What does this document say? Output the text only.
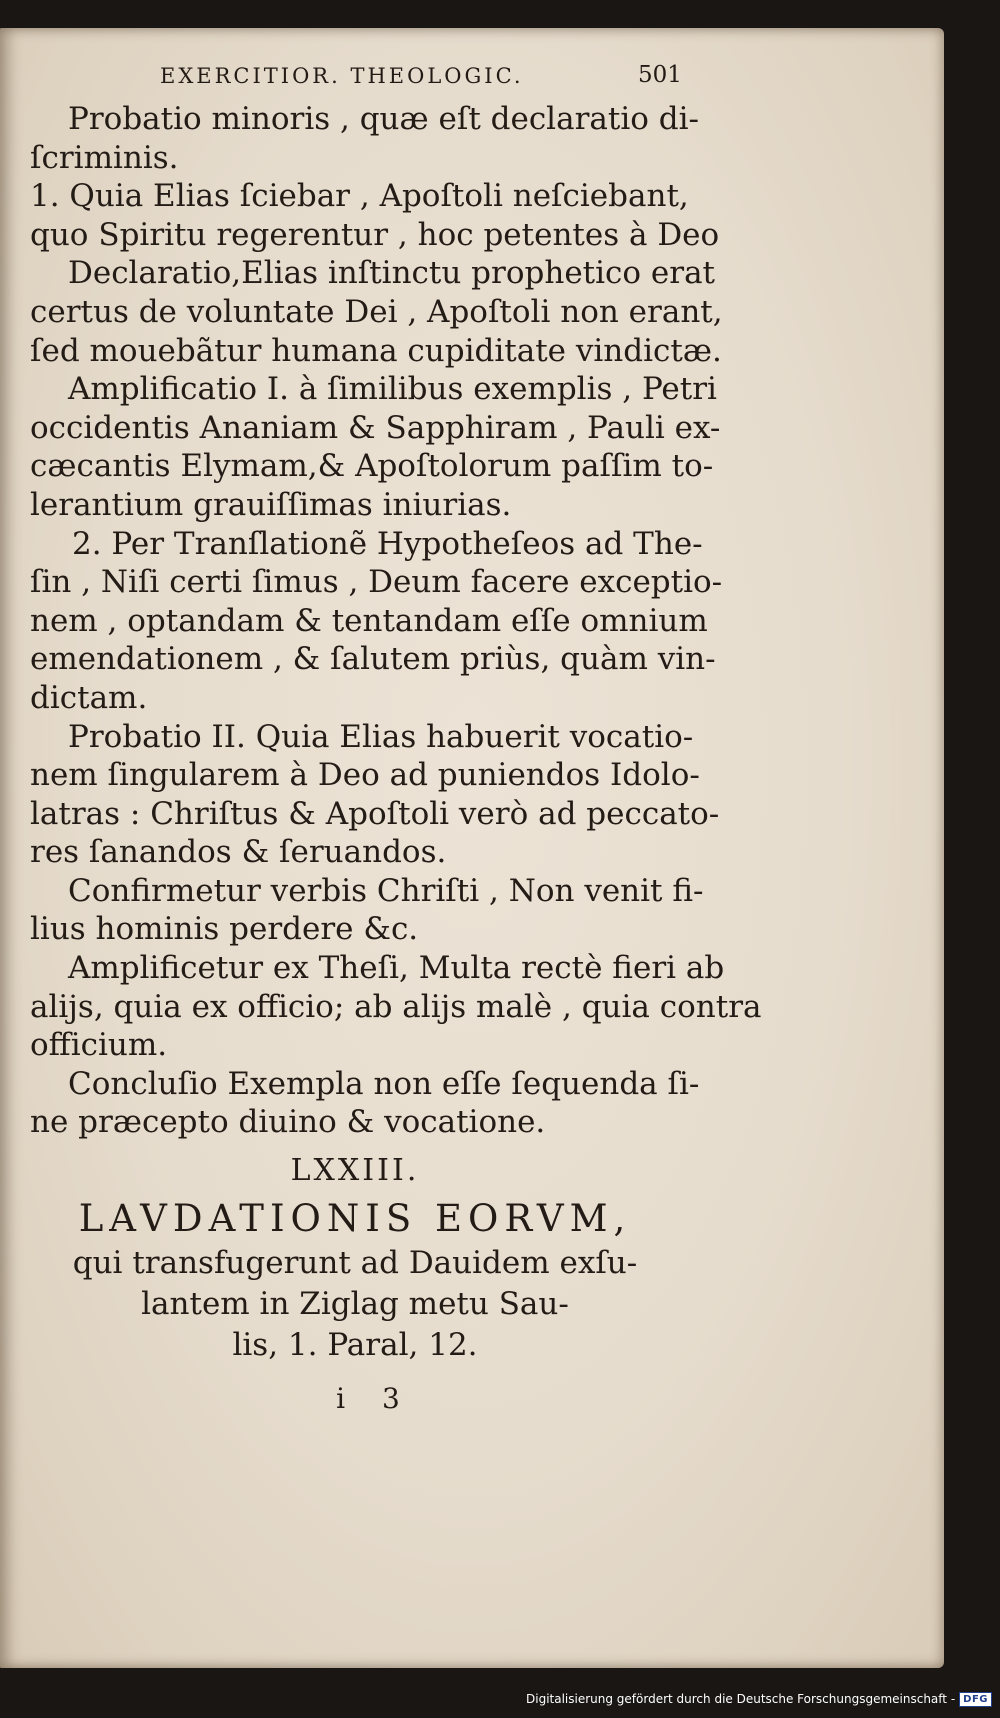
EXERCITIOR. THEOLOGIC.	501
Probatio minoris , quæ eſt declaratio di-
ſcriminis.
1. Quia Elias ſciebar , Apoſtoli neſciebant,
quo Spiritu regerentur , hoc petentes à Deo
Declaratio,Elias inſtinctu prophetico erat
certus de voluntate Dei , Apoſtoli non erant,
ſed mouebãtur humana cupiditate vindictæ.
Amplificatio I. à ſimilibus exemplis , Petri
occidentis Ananiam & Sapphiram , Pauli ex-
cæcantis Elymam,& Apoſtolorum paſſim to-
lerantium grauiſſimas iniurias.
2. Per Tranſlationẽ Hypotheſeos ad The-
ſin , Niſi certi ſimus , Deum facere exceptio-
nem , optandam & tentandam eſſe omnium
emendationem , & ſalutem priùs, quàm vin-
dictam.
Probatio II. Quia Elias habuerit vocatio-
nem ſingularem à Deo ad puniendos Idolo-
latras : Chriſtus & Apoſtoli verò ad peccato-
res ſanandos & ſeruandos.
Confirmetur verbis Chriſti , Non venit fi-
lius hominis perdere &c.
Amplificetur ex Theſi, Multa rectè fieri ab
alijs, quia ex officio; ab alijs malè , quia contra
officium.
Concluſio Exempla non eſſe ſequenda ſi-
ne præcepto diuino & vocatione.
LXXIII.
LAVDATIONIS EORVM,
qui transfugerunt ad Dauidem exſu-
lantem in Ziglag metu Sau-
lis, 1. Paral, 12.
i 3
Digitalisierung gefördert durch die Deutsche Forschungsgemeinschaft - DFG
